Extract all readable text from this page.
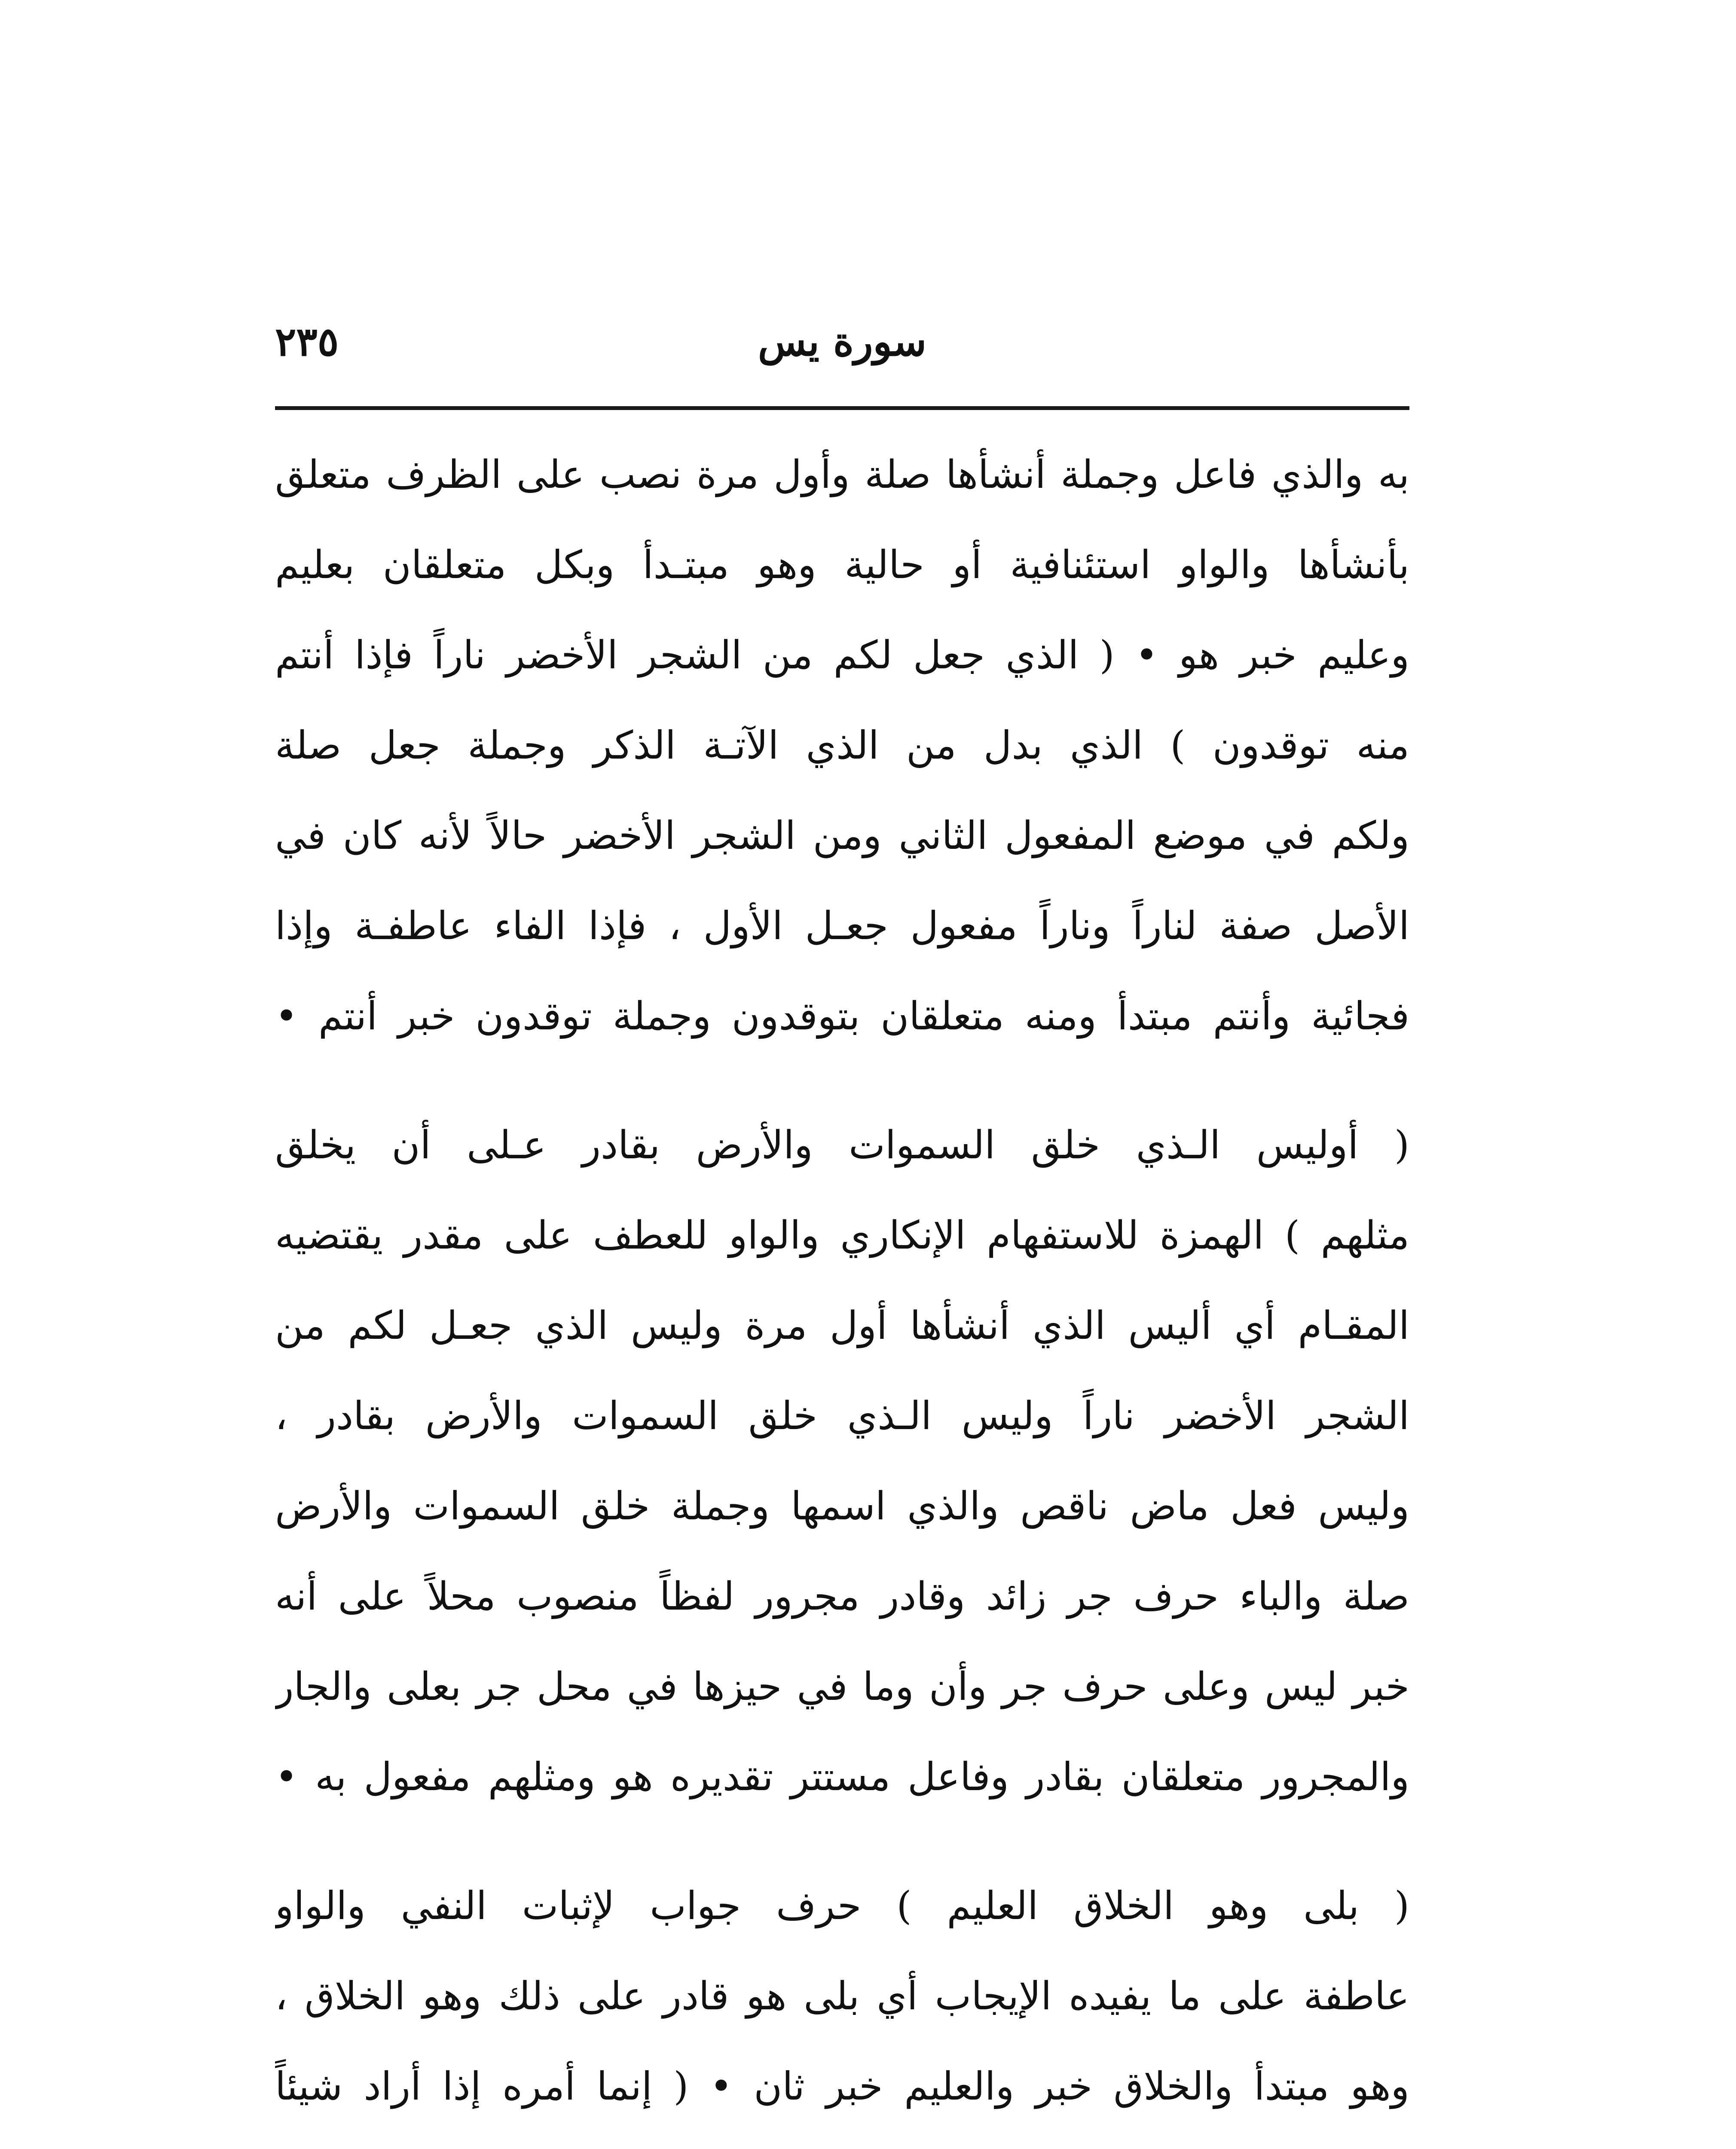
سورة يس
٢٣٥
به والذي فاعل وجملة أنشأها صلة وأول مرة نصب على الظرف متعلق
بأنشأها والواو استئنافية أو حالية وهو مبتـدأ وبكل متعلقان بعليم
وعليم خبر هو • ( الذي جعل لكم من الشجر الأخضر ناراً فإذا أنتم
منه توقدون ) الذي بدل من الذي الآتـة الذكر وجملة جعل صلة
ولكم في موضع المفعول الثاني ومن الشجر الأخضر حالاً لأنه كان في
الأصل صفة لناراً وناراً مفعول جعـل الأول ، فإذا الفاء عاطفـة وإذا
فجائية وأنتم مبتدأ ومنه متعلقان بتوقدون وجملة توقدون خبر أنتم •
( أوليس الـذي خلق السموات والأرض بقادر عـلى أن يخلق
مثلهم ) الهمزة للاستفهام الإنكاري والواو للعطف على مقدر يقتضيه
المقـام أي أليس الذي أنشأها أول مرة وليس الذي جعـل لكم من
الشجر الأخضر ناراً وليس الـذي خلق السموات والأرض بقادر ،
وليس فعل ماض ناقص والذي اسمها وجملة خلق السموات والأرض
صلة والباء حرف جر زائد وقادر مجرور لفظاً منصوب محلاً على أنه
خبر ليس وعلى حرف جر وأن وما في حيزها في محل جر بعلى والجار
والمجرور متعلقان بقادر وفاعل مستتر تقديره هو ومثلهم مفعول به •
( بلى وهو الخلاق العليم ) حرف جواب لإثبات النفي والواو
عاطفة على ما يفيده الإيجاب أي بلى هو قادر على ذلك وهو الخلاق ،
وهو مبتدأ والخلاق خبر والعليم خبر ثان • ( إنما أمره إذا أراد شيئاً
